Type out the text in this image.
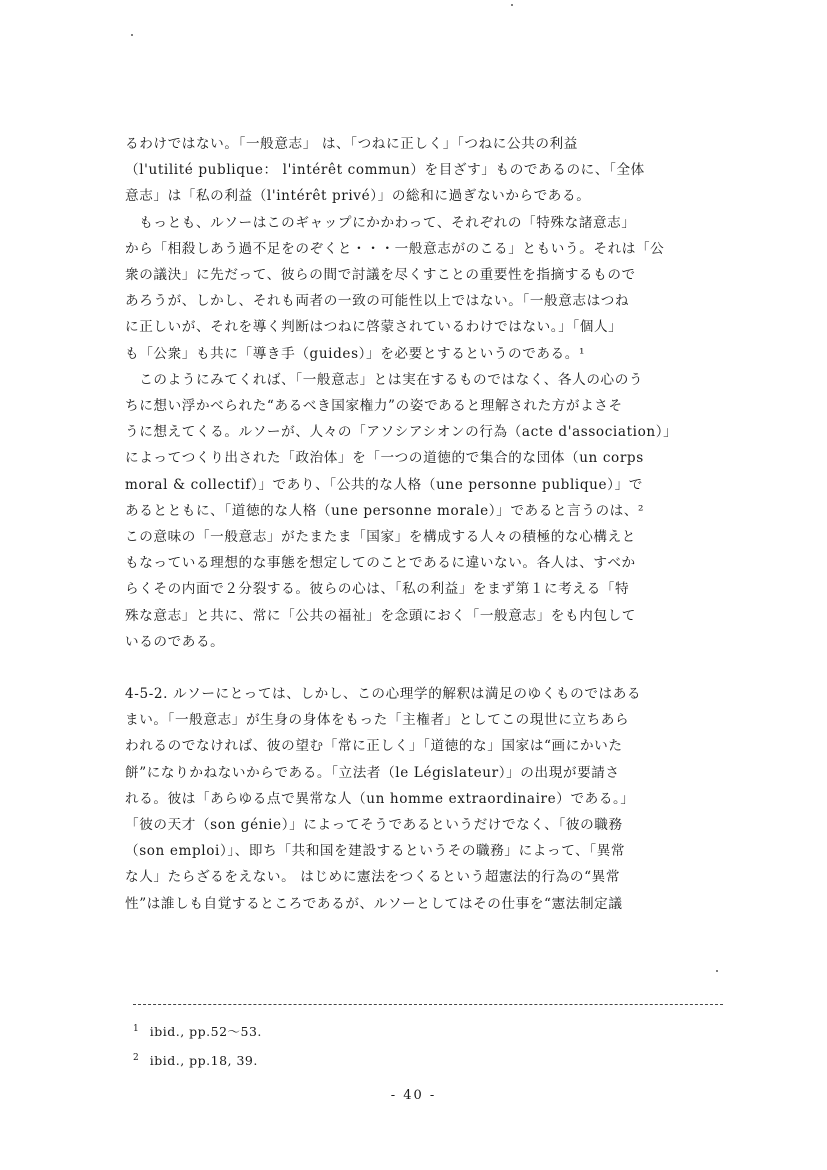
るわけではない。「一般意志」 は、「つねに正しく」「つねに公共の利益
（l'utilité publique： l'intérêt commun）を目ざす」ものであるのに、「全体
意志」は「私の利益（l'intérêt privé）」の総和に過ぎないからである。
　もっとも、ルソーはこのギャップにかかわって、それぞれの「特殊な諸意志」
から「相殺しあう過不足をのぞくと・・・一般意志がのこる」ともいう。それは「公
衆の議決」に先だって、彼らの間で討議を尽くすことの重要性を指摘するもので
あろうが、しかし、それも両者の一致の可能性以上ではない。「一般意志はつね
に正しいが、それを導く判断はつねに啓蒙されているわけではない。」「個人」
も「公衆」も共に「導き手（guides）」を必要とするというのである。¹
　このようにみてくれば、「一般意志」とは実在するものではなく、各人の心のう
ちに想い浮かべられた“あるべき国家権力”の姿であると理解された方がよさそ
うに想えてくる。ルソーが、人々の「アソシアシオンの行為（acte d'association）」
によってつくり出された「政治体」を「一つの道徳的で集合的な団体（un corps
moral & collectif）」であり、「公共的な人格（une personne publique）」で
あるとともに、「道徳的な人格（une personne morale）」であると言うのは、²
この意味の「一般意志」がたまたま「国家」を構成する人々の積極的な心構えと
もなっている理想的な事態を想定してのことであるに違いない。各人は、すべか
らくその内面で２分裂する。彼らの心は、「私の利益」をまず第１に考える「特
殊な意志」と共に、常に「公共の福祉」を念頭におく「一般意志」をも内包して
いるのである。

4-5-2. ルソーにとっては、しかし、この心理学的解釈は満足のゆくものではある
まい。「一般意志」が生身の身体をもった「主権者」としてこの現世に立ちあら
われるのでなければ、彼の望む「常に正しく」「道徳的な」国家は“画にかいた
餅”になりかねないからである。「立法者（le Législateur）」の出現が要請さ
れる。彼は「あらゆる点で異常な人（un homme extraordinaire）である。」
「彼の天才（son génie）」によってそうであるというだけでなく、「彼の職務
（son emploi）」、即ち「共和国を建設するというその職務」によって、「異常
な人」たらざるをえない。 はじめに憲法をつくるという超憲法的行為の“異常
性”は誰しも自覚するところであるが、ルソーとしてはその仕事を“憲法制定議

$^1$ ibid., pp.52～53.
$^2$ ibid., pp.18, 39.
- 40 -
